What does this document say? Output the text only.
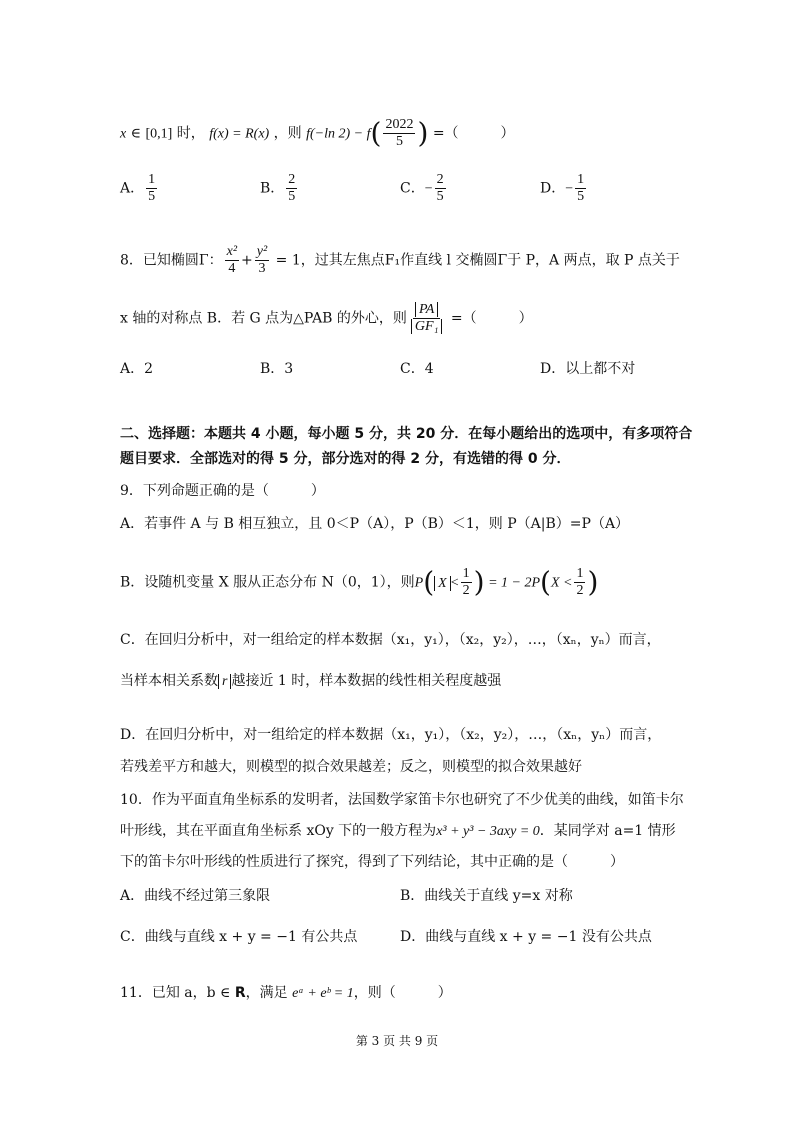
x ∈ [0,1] 时， f(x) = R(x) ，则 f(−ln $2) - f( \frac{2022}{5}$ ) =（　　　）
A． $\frac{1}{5}$	B． $\frac{2}{5}$	C．− $\frac{2}{5}$	D．− $\frac{1}{5}$
8．已知椭圆Γ： $\frac{\text{x²}}{4} + \frac{\text{y²}}{3} = 1$，过其左焦点F₁作直线 l 交椭圆Γ于 P，A 两点，取 P 点关于
x 轴的对称点 B．若 G 点为△PAB 的外心，则 $\frac{PA}{\text{GF₁}}$ =（　　　）
A．2	B．3	C．4	D．以上都不对
二、选择题：本题共 4 小题，每小题 5 分，共 20 分．在每小题给出的选项中，有多项符合
题目要求．全部选对的得 5 分，部分选对的得 2 分，有选错的得 0 分．
9．下列命题正确的是（　　　）
A．若事件 A 与 B 相互独立，且 0＜P（A），P（B）＜1，则 P（A|B）=P（A）
B．设随机变量 X 服从正态分布 N（0，1），则P( $X < \frac{1}{2}$ ) = $1 - 2P(X < \frac{1}{2}$ )
C．在回归分析中，对一组给定的样本数据（x₁，y₁），（x₂，y₂），…，（xₙ，yₙ）而言，
当样本相关系数 r 越接近 1 时，样本数据的线性相关程度越强
D．在回归分析中，对一组给定的样本数据（x₁，y₁），（x₂，y₂），…，（xₙ，yₙ）而言，
若残差平方和越大，则模型的拟合效果越差；反之，则模型的拟合效果越好
10．作为平面直角坐标系的发明者，法国数学家笛卡尔也研究了不少优美的曲线，如笛卡尔
叶形线，其在平面直角坐标系 xOy 下的一般方程为x³ + y³ − 3axy = 0．某同学对 a=1 情形
下的笛卡尔叶形线的性质进行了探究，得到了下列结论，其中正确的是（　　　）
A．曲线不经过第三象限	B．曲线关于直线 y=x 对称
C．曲线与直线 x + y = −1 有公共点	D．曲线与直线 x + y = −1 没有公共点
11．已知 a，b ∈ R，满足 eᵃ + eᵇ = 1，则（　　　）
第 3 页 共 9 页
